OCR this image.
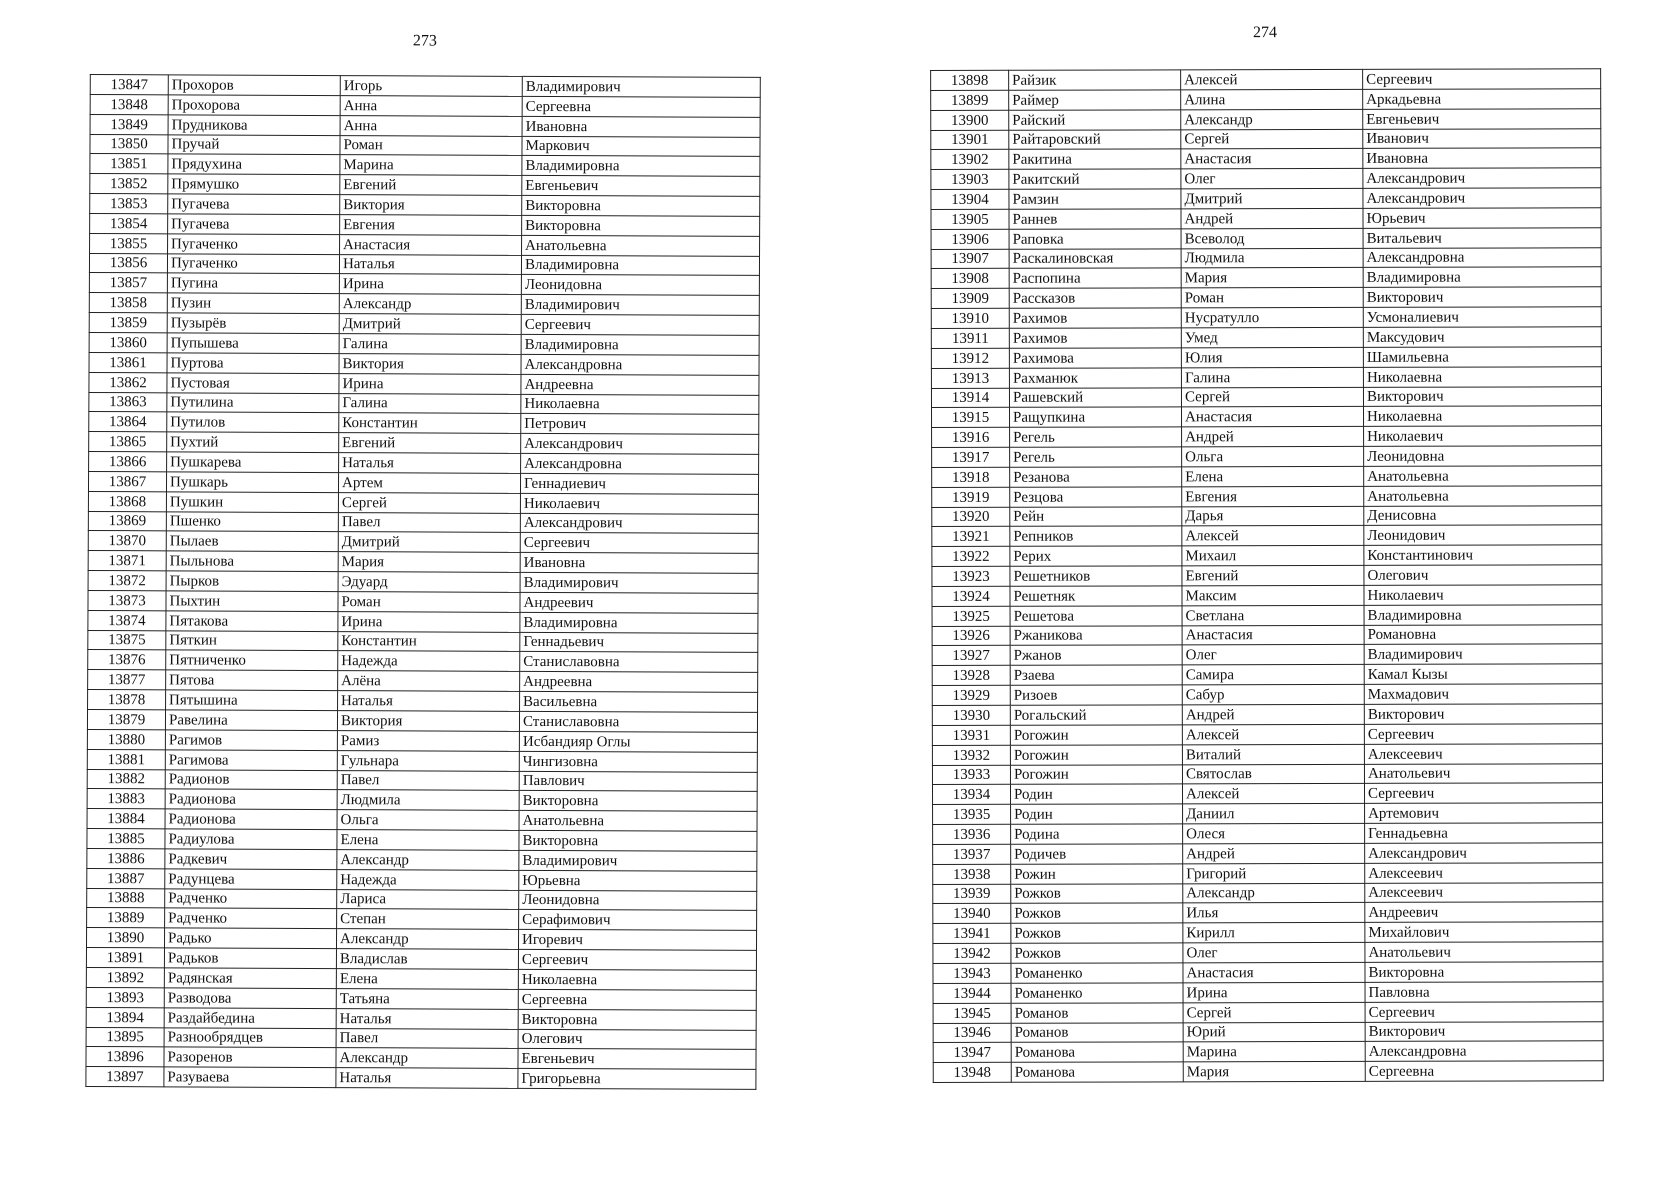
273
13847	Прохоров	Игорь	Владимирович
13848	Прохорова	Анна	Сергеевна
13849	Прудникова	Анна	Ивановна
13850	Пручай	Роман	Маркович
13851	Прядухина	Марина	Владимировна
13852	Прямушко	Евгений	Евгеньевич
13853	Пугачева	Виктория	Викторовна
13854	Пугачева	Евгения	Викторовна
13855	Пугаченко	Анастасия	Анатольевна
13856	Пугаченко	Наталья	Владимировна
13857	Пугина	Ирина	Леонидовна
13858	Пузин	Александр	Владимирович
13859	Пузырёв	Дмитрий	Сергеевич
13860	Пупышева	Галина	Владимировна
13861	Пуртова	Виктория	Александровна
13862	Пустовая	Ирина	Андреевна
13863	Путилина	Галина	Николаевна
13864	Путилов	Константин	Петрович
13865	Пухтий	Евгений	Александрович
13866	Пушкарева	Наталья	Александровна
13867	Пушкарь	Артем	Геннадиевич
13868	Пушкин	Сергей	Николаевич
13869	Пшенко	Павел	Александрович
13870	Пылаев	Дмитрий	Сергеевич
13871	Пыльнова	Мария	Ивановна
13872	Пырков	Эдуард	Владимирович
13873	Пыхтин	Роман	Андреевич
13874	Пятакова	Ирина	Владимировна
13875	Пяткин	Константин	Геннадьевич
13876	Пятниченко	Надежда	Станиславовна
13877	Пятова	Алёна	Андреевна
13878	Пятышина	Наталья	Васильевна
13879	Равелина	Виктория	Станиславовна
13880	Рагимов	Рамиз	Исбандияр Оглы
13881	Рагимова	Гульнара	Чингизовна
13882	Радионов	Павел	Павлович
13883	Радионова	Людмила	Викторовна
13884	Радионова	Ольга	Анатольевна
13885	Радиулова	Елена	Викторовна
13886	Радкевич	Александр	Владимирович
13887	Радунцева	Надежда	Юрьевна
13888	Радченко	Лариса	Леонидовна
13889	Радченко	Степан	Серафимович
13890	Радько	Александр	Игоревич
13891	Радьков	Владислав	Сергеевич
13892	Радянская	Елена	Николаевна
13893	Разводова	Татьяна	Сергеевна
13894	Раздайбедина	Наталья	Викторовна
13895	Разнообрядцев	Павел	Олегович
13896	Разоренов	Александр	Евгеньевич
13897	Разуваева	Наталья	Григорьевна
274
13898	Райзик	Алексей	Сергеевич
13899	Раймер	Алина	Аркадьевна
13900	Райский	Александр	Евгеньевич
13901	Райтаровский	Сергей	Иванович
13902	Ракитина	Анастасия	Ивановна
13903	Ракитский	Олег	Александрович
13904	Рамзин	Дмитрий	Александрович
13905	Раннев	Андрей	Юрьевич
13906	Раповка	Всеволод	Витальевич
13907	Раскалиновская	Людмила	Александровна
13908	Распопина	Мария	Владимировна
13909	Рассказов	Роман	Викторович
13910	Рахимов	Нусратулло	Усмоналиевич
13911	Рахимов	Умед	Максудович
13912	Рахимова	Юлия	Шамильевна
13913	Рахманюк	Галина	Николаевна
13914	Рашевский	Сергей	Викторович
13915	Ращупкина	Анастасия	Николаевна
13916	Регель	Андрей	Николаевич
13917	Регель	Ольга	Леонидовна
13918	Резанова	Елена	Анатольевна
13919	Резцова	Евгения	Анатольевна
13920	Рейн	Дарья	Денисовна
13921	Репников	Алексей	Леонидович
13922	Рерих	Михаил	Константинович
13923	Решетников	Евгений	Олегович
13924	Решетняк	Максим	Николаевич
13925	Решетова	Светлана	Владимировна
13926	Ржаникова	Анастасия	Романовна
13927	Ржанов	Олег	Владимирович
13928	Рзаева	Самира	Камал Кызы
13929	Ризоев	Сабур	Махмадович
13930	Рогальский	Андрей	Викторович
13931	Рогожин	Алексей	Сергеевич
13932	Рогожин	Виталий	Алексеевич
13933	Рогожин	Святослав	Анатольевич
13934	Родин	Алексей	Сергеевич
13935	Родин	Даниил	Артемович
13936	Родина	Олеся	Геннадьевна
13937	Родичев	Андрей	Александрович
13938	Рожин	Григорий	Алексеевич
13939	Рожков	Александр	Алексеевич
13940	Рожков	Илья	Андреевич
13941	Рожков	Кирилл	Михайлович
13942	Рожков	Олег	Анатольевич
13943	Романенко	Анастасия	Викторовна
13944	Романенко	Ирина	Павловна
13945	Романов	Сергей	Сергеевич
13946	Романов	Юрий	Викторович
13947	Романова	Марина	Александровна
13948	Романова	Мария	Сергеевна
